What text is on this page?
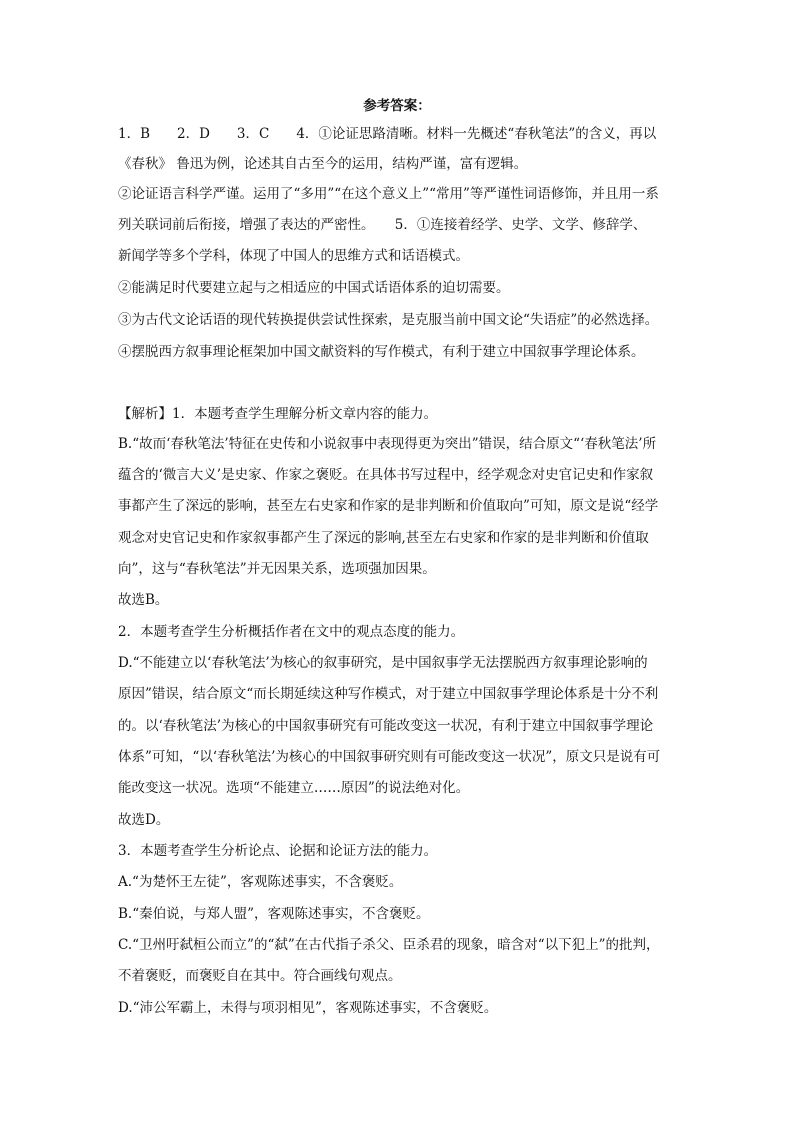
参考答案：
1．B　　2．D　　3．C　　4．①论证思路清晰。材料一先概述“春秋笔法”的含义，再以
《春秋》 鲁迅为例，论述其自古至今的运用，结构严谨，富有逻辑。
②论证语言科学严谨。运用了“多用”“在这个意义上”“常用”等严谨性词语修饰，并且用一系
列关联词前后衔接，增强了表达的严密性。　　5．①连接着经学、史学、文学、修辞学、
新闻学等多个学科，体现了中国人的思维方式和话语模式。
②能满足时代要建立起与之相适应的中国式话语体系的迫切需要。
③为古代文论话语的现代转换提供尝试性探索，是克服当前中国文论“失语症”的必然选择。
④摆脱西方叙事理论框架加中国文献资料的写作模式，有利于建立中国叙事学理论体系。
【解析】1．本题考查学生理解分析文章内容的能力。
B.“故而‘春秋笔法’特征在史传和小说叙事中表现得更为突出”错误，结合原文“‘春秋笔法’所
蕴含的‘微言大义’是史家、作家之褒贬。在具体书写过程中，经学观念对史官记史和作家叙
事都产生了深远的影响，甚至左右史家和作家的是非判断和价值取向”可知，原文是说“经学
观念对史官记史和作家叙事都产生了深远的影响,甚至左右史家和作家的是非判断和价值取
向”，这与“春秋笔法”并无因果关系，选项强加因果。
故选B。
2．本题考查学生分析概括作者在文中的观点态度的能力。
D.“不能建立以‘春秋笔法’为核心的叙事研究，是中国叙事学无法摆脱西方叙事理论影响的
原因”错误，结合原文“而长期延续这种写作模式，对于建立中国叙事学理论体系是十分不利
的。以‘春秋笔法’为核心的中国叙事研究有可能改变这一状况，有利于建立中国叙事学理论
体系”可知，“以‘春秋笔法’为核心的中国叙事研究则有可能改变这一状况”，原文只是说有可
能改变这一状况。选项“不能建立……原因”的说法绝对化。
故选D。
3．本题考查学生分析论点、论据和论证方法的能力。
A.“为楚怀王左徒”，客观陈述事实，不含褒贬。
B.“秦伯说，与郑人盟”，客观陈述事实，不含褒贬。
C.“卫州吁弑桓公而立”的“弑”在古代指子杀父、臣杀君的现象，暗含对“以下犯上”的批判，
不着褒贬，而褒贬自在其中。符合画线句观点。
D.“沛公军霸上，未得与项羽相见”，客观陈述事实，不含褒贬。
